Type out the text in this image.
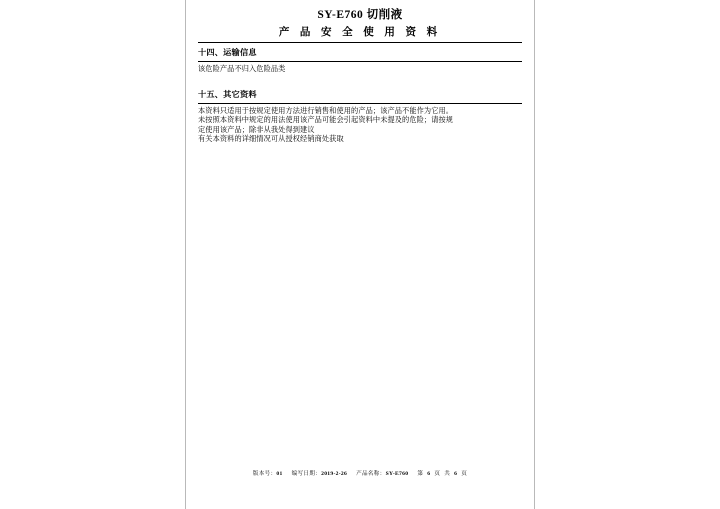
SY-E760 切削液
产 品 安 全 使 用 资 料
十四、运输信息

该危险产品不归入危险品类

十五、其它资料

本资料只适用于按规定使用方法进行销售和使用的产品；该产品不能作为它用。

未按照本资料中规定的用法使用该产品可能会引起资料中未提及的危险；请按规

定使用该产品；除非从我处得到建议

有关本资料的详细情况可从授权经销商处获取

版本号：01 编写日期：2019-2-26 产品名称：SY-E760 第 6 页 共 6 页
